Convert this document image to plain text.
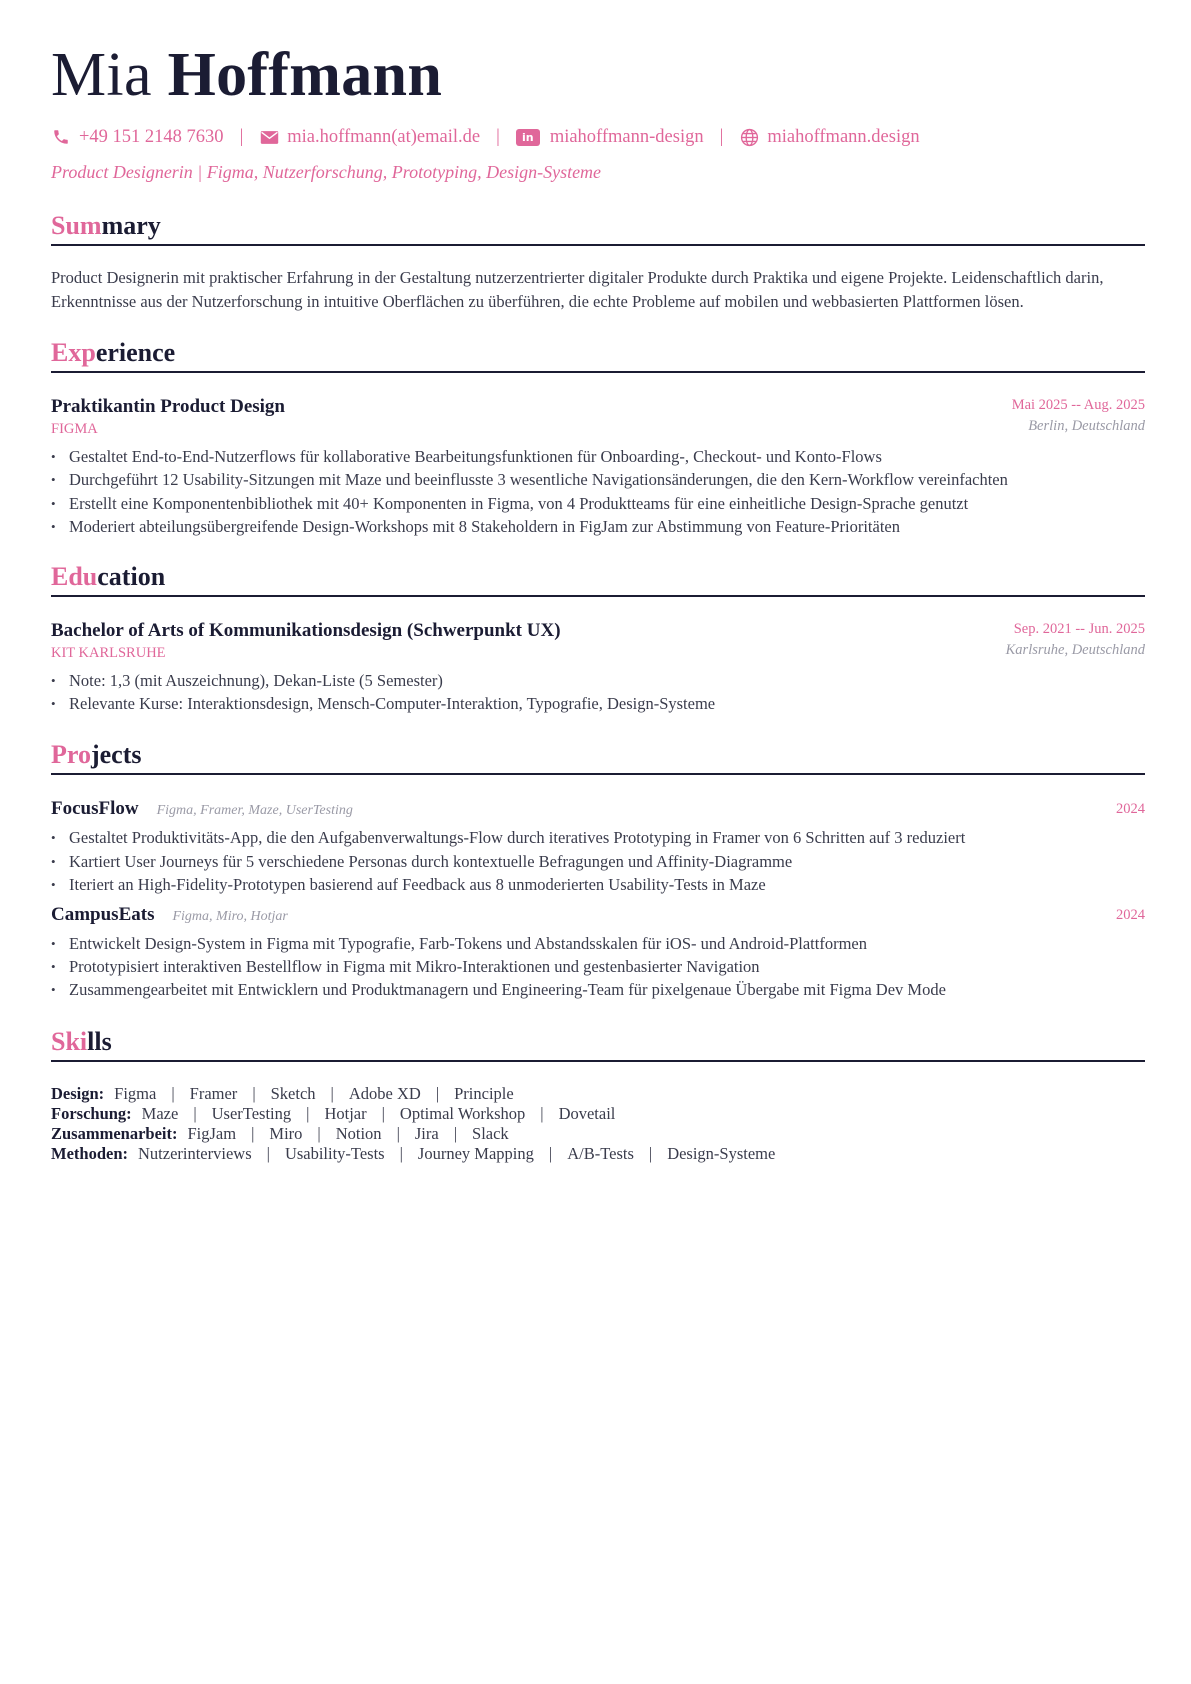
Mia Hoffmann
+49 151 2148 7630 | mia.hoffmann(at)email.de |	in miahoffmann-design | miahoffmann.design
Product Designerin | Figma, Nutzerforschung, Prototyping, Design-Systeme
Summary
Product Designerin mit praktischer Erfahrung in der Gestaltung nutzerzentrierter digitaler Produkte durch Praktika und eigene Projekte. Leidenschaftlich darin, Erkenntnisse aus der Nutzerforschung in intuitive Oberflächen zu überführen, die echte Probleme auf mobilen und webbasierten Plattformen lösen.
Experience
Praktikantin Product Design
FIGMA
Mai 2025 -- Aug. 2025
Berlin, Deutschland
• Gestaltet End-to-End-Nutzerflows für kollaborative Bearbeitungsfunktionen für Onboarding-, Checkout- und Konto-Flows
• Durchgeführt 12 Usability-Sitzungen mit Maze und beeinflusste 3 wesentliche Navigationsänderungen, die den Kern-Workflow vereinfachten
• Erstellt eine Komponentenbibliothek mit 40+ Komponenten in Figma, von 4 Produktteams für eine einheitliche Design-Sprache genutzt
• Moderiert abteilungsübergreifende Design-Workshops mit 8 Stakeholdern in FigJam zur Abstimmung von Feature-Prioritäten
Education
Bachelor of Arts of Kommunikationsdesign (Schwerpunkt UX)
KIT KARLSRUHE
Sep. 2021 -- Jun. 2025
Karlsruhe, Deutschland
• Note: 1,3 (mit Auszeichnung), Dekan-Liste (5 Semester)
• Relevante Kurse: Interaktionsdesign, Mensch-Computer-Interaktion, Typografie, Design-Systeme
Projects
FocusFlow Figma, Framer, Maze, UserTesting	2024
• Gestaltet Produktivitäts-App, die den Aufgabenverwaltungs-Flow durch iteratives Prototyping in Framer von 6 Schritten auf 3 reduziert
• Kartiert User Journeys für 5 verschiedene Personas durch kontextuelle Befragungen und Affinity-Diagramme
• Iteriert an High-Fidelity-Prototypen basierend auf Feedback aus 8 unmoderierten Usability-Tests in Maze
CampusEats Figma, Miro, Hotjar	2024
• Entwickelt Design-System in Figma mit Typografie, Farb-Tokens und Abstandsskalen für iOS- und Android-Plattformen
• Prototypisiert interaktiven Bestellflow in Figma mit Mikro-Interaktionen und gestenbasierter Navigation
• Zusammengearbeitet mit Entwicklern und Produktmanagern und Engineering-Team für pixelgenaue Übergabe mit Figma Dev Mode
Skills
Design: Figma | Framer | Sketch | Adobe XD | Principle
Forschung: Maze | UserTesting | Hotjar | Optimal Workshop | Dovetail
Zusammenarbeit: FigJam | Miro | Notion | Jira | Slack
Methoden: Nutzerinterviews | Usability-Tests | Journey Mapping | A/B-Tests | Design-Systeme
